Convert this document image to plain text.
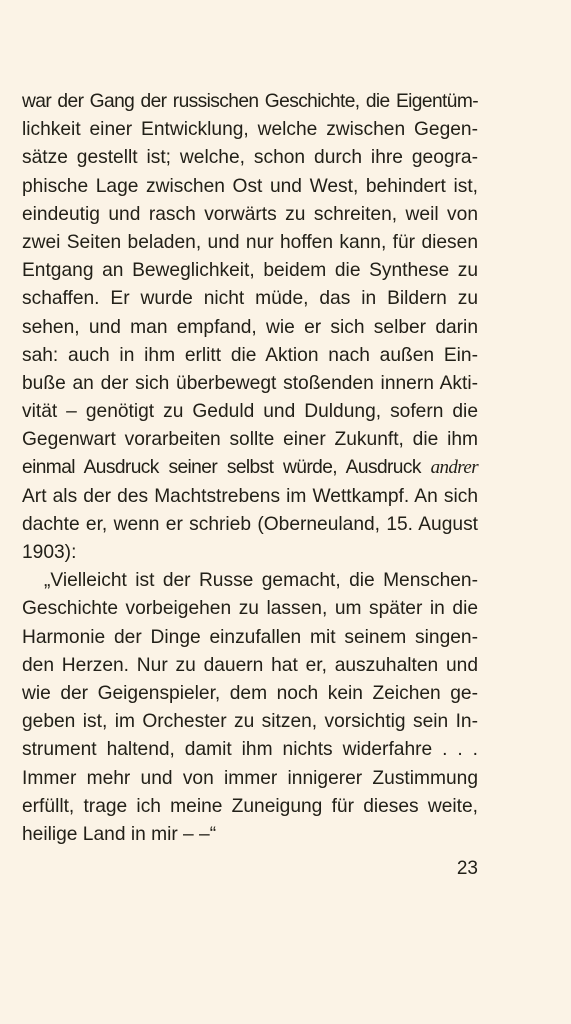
war der Gang der russischen Geschichte, die Eigentüm-
lichkeit einer Entwicklung, welche zwischen Gegen-
sätze gestellt ist; welche, schon durch ihre geogra-
phische Lage zwischen Ost und West, behindert ist,
eindeutig und rasch vorwärts zu schreiten, weil von
zwei Seiten beladen, und nur hoffen kann, für diesen
Entgang an Beweglichkeit, beidem die Synthese zu
schaffen. Er wurde nicht müde, das in Bildern zu
sehen, und man empfand, wie er sich selber darin
sah: auch in ihm erlitt die Aktion nach außen Ein-
buße an der sich überbewegt stoßenden innern Akti-
vität – genötigt zu Geduld und Duldung, sofern die
Gegenwart vorarbeiten sollte einer Zukunft, die ihm
einmal Ausdruck seiner selbst würde, Ausdruck andrer
Art als der des Machtstrebens im Wettkampf. An sich
dachte er, wenn er schrieb (Oberneuland, 15. August
1903):
„Vielleicht ist der Russe gemacht, die Menschen-
Geschichte vorbeigehen zu lassen, um später in die
Harmonie der Dinge einzufallen mit seinem singen-
den Herzen. Nur zu dauern hat er, auszuhalten und
wie der Geigenspieler, dem noch kein Zeichen ge-
geben ist, im Orchester zu sitzen, vorsichtig sein In-
strument haltend, damit ihm nichts widerfahre . . .
Immer mehr und von immer innigerer Zustimmung
erfüllt, trage ich meine Zuneigung für dieses weite,
heilige Land in mir – –“
23
